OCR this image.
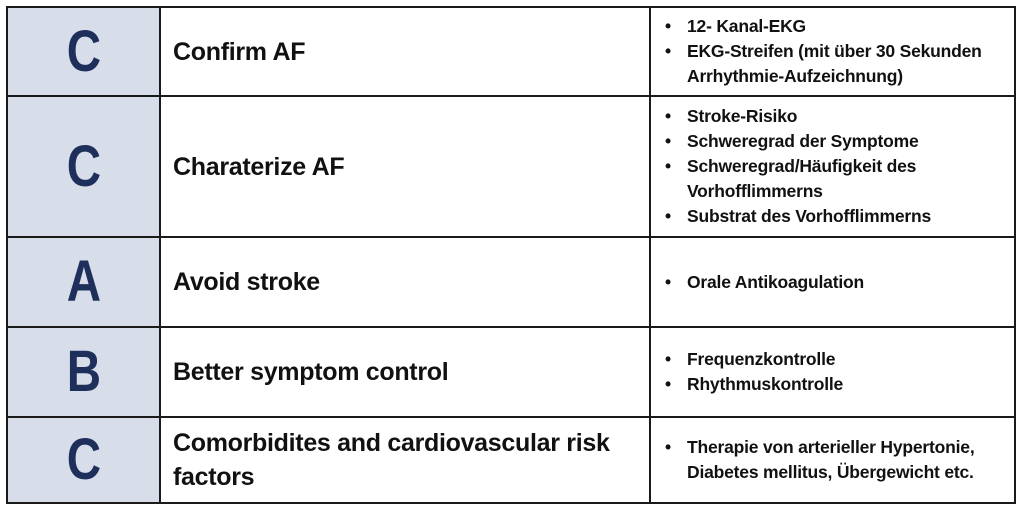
C	Confirm AF
• 12- Kanal-EKG
• EKG-Streifen (mit über 30 Sekunden Arrhythmie-Aufzeichnung)
C	Charaterize AF
• Stroke-Risiko
• Schweregrad der Symptome
• Schweregrad/Häufigkeit des Vorhofflimmerns
• Substrat des Vorhofflimmerns
A	Avoid stroke	• Orale Antikoagulation
B	Better symptom control	• Frequenzkontrolle
• Rhythmuskontrolle
C	Comorbidites and cardiovascular risk factors
• Therapie von arterieller Hypertonie, Diabetes mellitus, Übergewicht etc.
